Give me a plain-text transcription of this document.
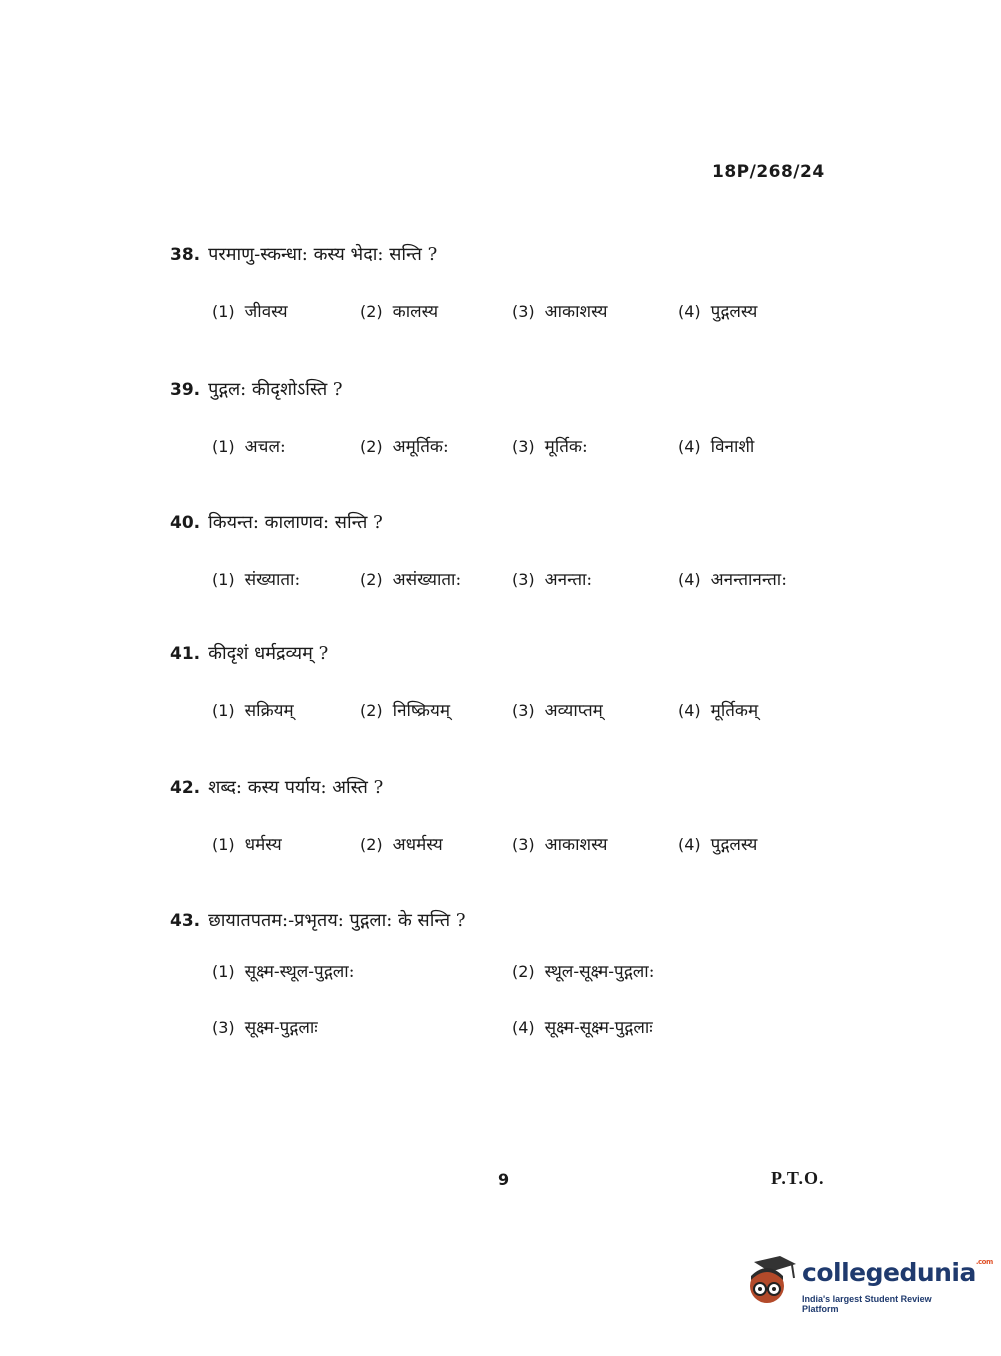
18P/268/24
38. परमाणु-स्कन्धा: कस्य भेदा: सन्ति ?
(1) जीवस्य	(2) कालस्य	(3) आकाशस्य	(4) पुद्गलस्य
39. पुद्गल: कीदृशोऽस्ति ?
(1) अचल:	(2) अमूर्तिक:	(3) मूर्तिक:	(4) विनाशी
40. कियन्त: कालाणव: सन्ति ?
(1) संख्याता:	(2) असंख्याता:	(3) अनन्ता:	(4) अनन्तानन्ता:
41. कीदृशं धर्मद्रव्यम् ?
(1) सक्रियम्	(2) निष्क्रियम्	(3) अव्याप्तम्	(4) मूर्तिकम्
42. शब्द: कस्य पर्याय: अस्ति ?
(1) धर्मस्य	(2) अधर्मस्य	(3) आकाशस्य	(4) पुद्गलस्य
43. छायातपतम:-प्रभृतय: पुद्गला: के सन्ति ?
(1) सूक्ष्म-स्थूल-पुद्गला:	(2) स्थूल-सूक्ष्म-पुद्गला:
(3) सूक्ष्म-पुद्गलाः	(4) सूक्ष्म-सूक्ष्म-पुद्गलाः
9	P.T.O.
collegedunia$^{.com}$
India's largest Student Review Platform
